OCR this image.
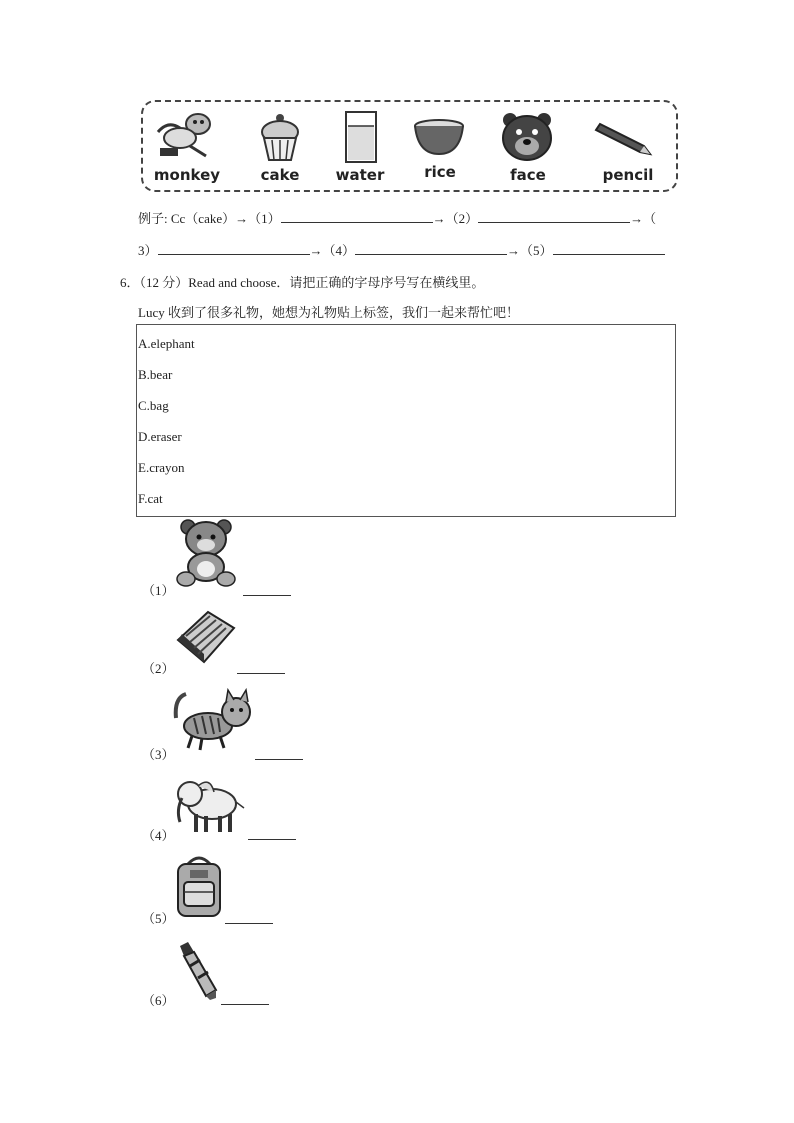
monkey	cake	water	rice	face	pencil
例子: Cc（cake）→（1）	→（2）	→（
3）	→（4）	→（5）
6．（12 分）Read and choose．请把正确的字母序号写在横线里。
Lucy 收到了很多礼物，她想为礼物贴上标签，我们一起来帮忙吧！
A.elephant
B.bear
C.bag
D.eraser
E.crayon
F.cat
（1）
（2）
（3）
（4）
（5）
（6）
